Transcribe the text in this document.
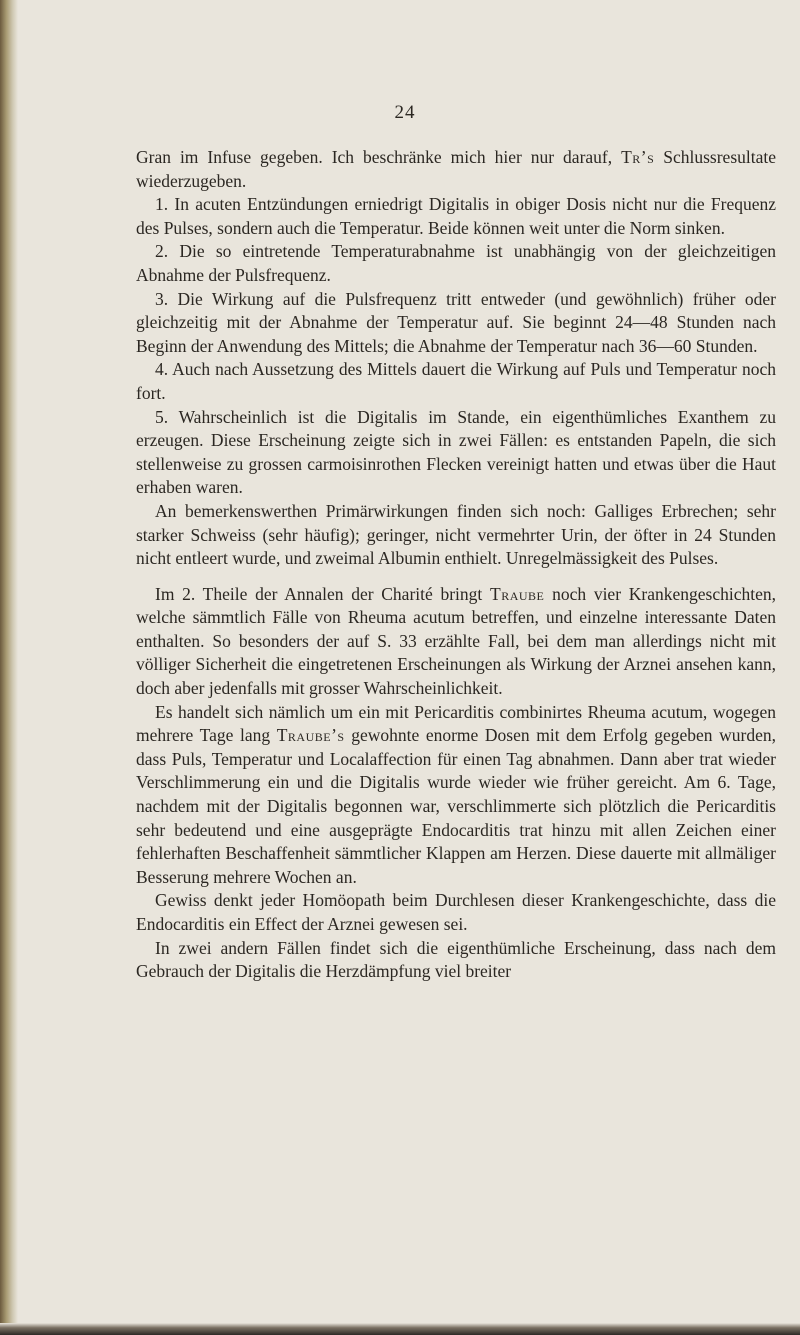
24

Gran im Infuse gegeben. Ich beschränke mich hier nur darauf, Tr’s Schlussresultate wiederzugeben.

1. In acuten Entzündungen erniedrigt Digitalis in obiger Dosis nicht nur die Frequenz des Pulses, sondern auch die Temperatur. Beide können weit unter die Norm sinken.

2. Die so eintretende Temperaturabnahme ist unabhängig von der gleichzeitigen Abnahme der Pulsfrequenz.

3. Die Wirkung auf die Pulsfrequenz tritt entweder (und gewöhnlich) früher oder gleichzeitig mit der Abnahme der Temperatur auf. Sie beginnt 24—48 Stunden nach Beginn der Anwendung des Mittels; die Abnahme der Temperatur nach 36—60 Stunden.

4. Auch nach Aussetzung des Mittels dauert die Wirkung auf Puls und Temperatur noch fort.

5. Wahrscheinlich ist die Digitalis im Stande, ein eigenthümliches Exanthem zu erzeugen. Diese Erscheinung zeigte sich in zwei Fällen: es entstanden Papeln, die sich stellenweise zu grossen carmoisinrothen Flecken vereinigt hatten und etwas über die Haut erhaben waren.

An bemerkenswerthen Primärwirkungen finden sich noch: Galliges Erbrechen; sehr starker Schweiss (sehr häufig); geringer, nicht vermehrter Urin, der öfter in 24 Stunden nicht entleert wurde, und zweimal Albumin enthielt. Unregelmässigkeit des Pulses.

Im 2. Theile der Annalen der Charité bringt Traube noch vier Krankengeschichten, welche sämmtlich Fälle von Rheuma acutum betreffen, und einzelne interessante Daten enthalten. So besonders der auf S. 33 erzählte Fall, bei dem man allerdings nicht mit völliger Sicherheit die eingetretenen Erscheinungen als Wirkung der Arznei ansehen kann, doch aber jedenfalls mit grosser Wahrscheinlichkeit.

Es handelt sich nämlich um ein mit Pericarditis combinirtes Rheuma acutum, wogegen mehrere Tage lang Traube’s gewohnte enorme Dosen mit dem Erfolg gegeben wurden, dass Puls, Temperatur und Localaffection für einen Tag abnahmen. Dann aber trat wieder Verschlimmerung ein und die Digitalis wurde wieder wie früher gereicht. Am 6. Tage, nachdem mit der Digitalis begonnen war, verschlimmerte sich plötzlich die Pericarditis sehr bedeutend und eine ausgeprägte Endocarditis trat hinzu mit allen Zeichen einer fehlerhaften Beschaffenheit sämmtlicher Klappen am Herzen. Diese dauerte mit allmäliger Besserung mehrere Wochen an.

Gewiss denkt jeder Homöopath beim Durchlesen dieser Krankengeschichte, dass die Endocarditis ein Effect der Arznei gewesen sei.

In zwei andern Fällen findet sich die eigenthümliche Erscheinung, dass nach dem Gebrauch der Digitalis die Herzdämpfung viel breiter
